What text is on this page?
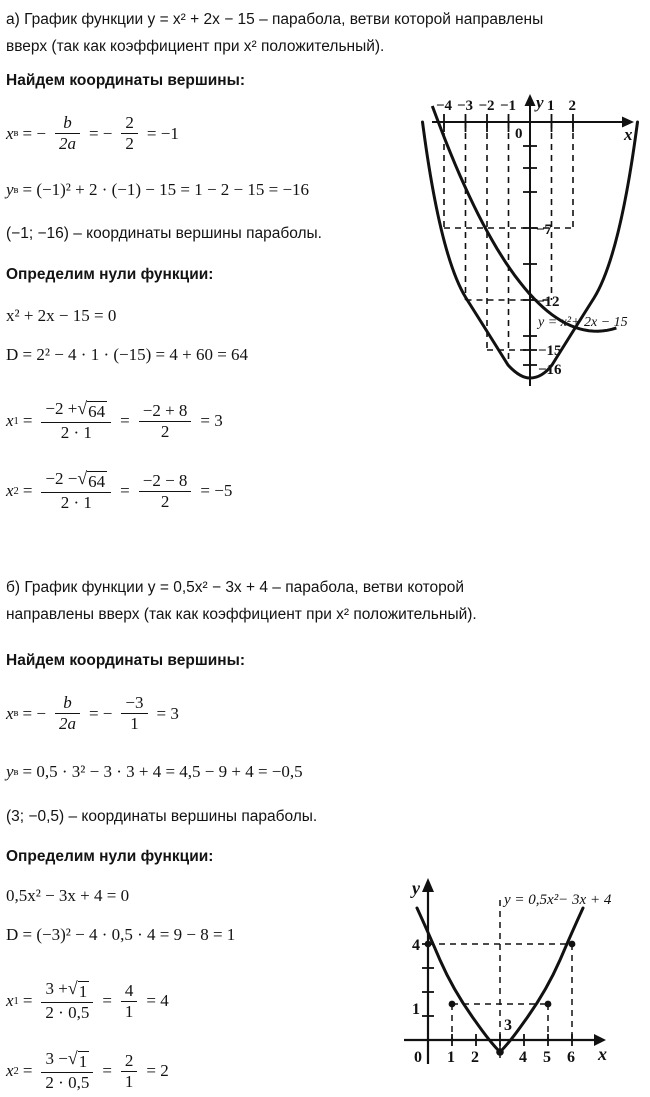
а) График функции y = x² + 2x − 15 – парабола, ветви которой направлены
вверх (так как коэффициент при x² положительный).
Найдем координаты вершины:
x в = − $\frac{b}{2a}$ = − $\frac{2}{2} = -1$
y в = (−1)² + 2 · (−1) − 15 = 1 − 2 − 15 = −16
(−1; −16) – координаты вершины параболы.
Определим нули функции:
x² + 2x − 15 = 0
D = 2² − 4 · 1 · (−15) = 4 + 60 = 64
x $1 = \frac{-2 + √ 64}{2 \cdot 1} = \frac{-2 + 8}{2} = 3$
x $2 = \frac{-2 - √ 64}{2 \cdot 1} = \frac{-2 - 8}{2} = -5$
−4 −3 −2 −1 1 2
0
−7
−12
−15
−16
y
x
y = x²+ 2x − 15
б) График функции y = 0,5x² − 3x + 4 – парабола, ветви которой
направлены вверх (так как коэффициент при x² положительный).
Найдем координаты вершины:
x в = − $\frac{b}{2a}$ = − $\frac{-3}{1} = 3$
y в = 0,5 · 3² − 3 · 3 + 4 = 4,5 − 9 + 4 = −0,5
(3; −0,5) – координаты вершины параболы.
Определим нули функции:
0,5x² − 3x + 4 = 0
D = (−3)² − 4 · 0,5 · 4 = 9 − 8 = 1
x $1 = \frac{3 + √ 1}{2 \cdot 0,5} = \frac{4}{1} = 4$
x $2 = \frac{3 - √ 1}{2 \cdot 0,5} = \frac{2}{1} = 2$
0 1 2	4 5 6
3
1
4
y
x
y = 0,5x²− 3x + 4
